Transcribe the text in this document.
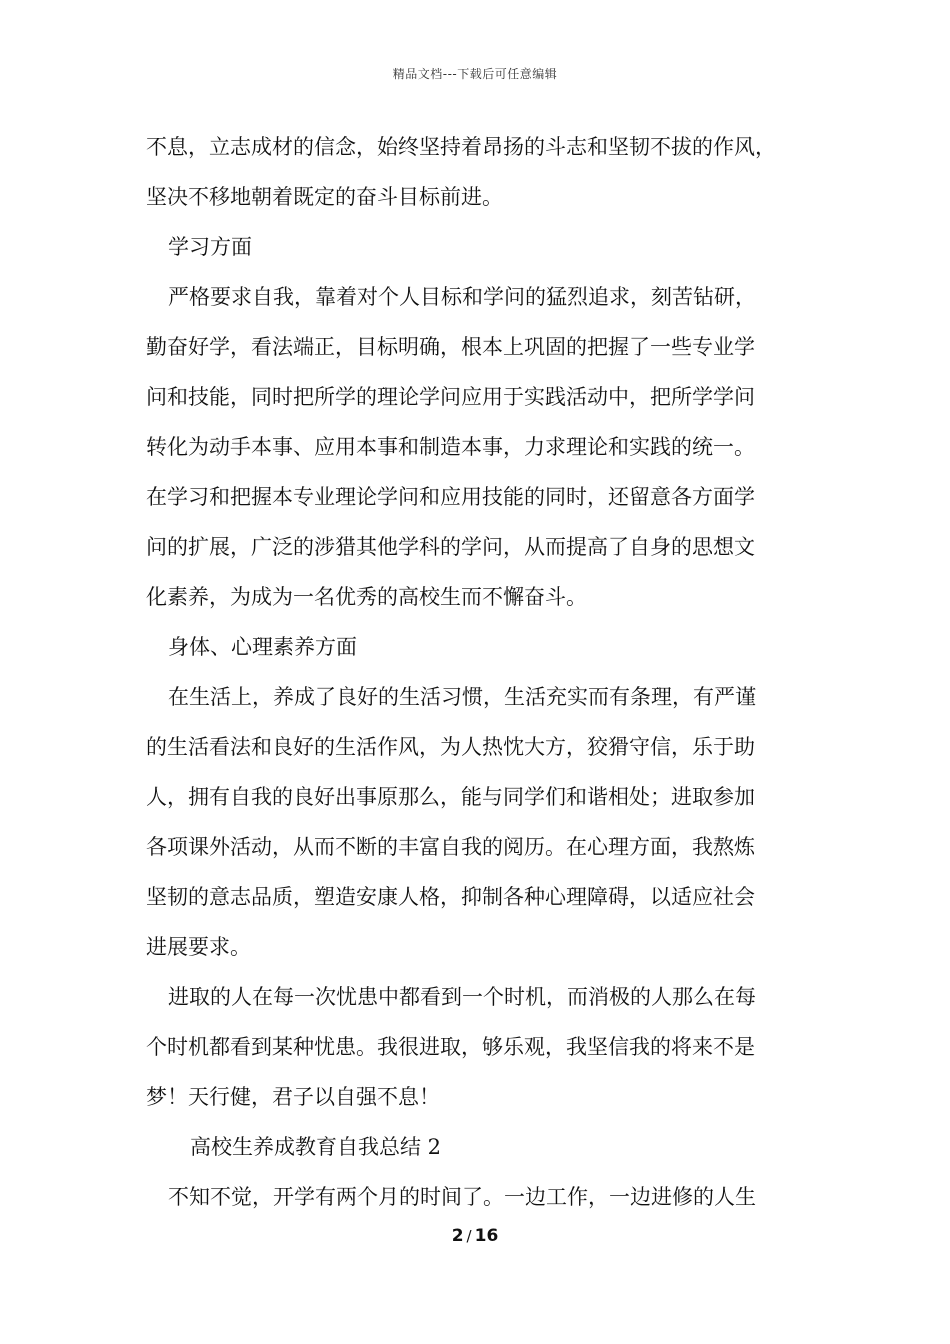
精品文档---下载后可任意编辑
不息，立志成材的信念，始终坚持着昂扬的斗志和坚韧不拔的作风，
坚决不移地朝着既定的奋斗目标前进。
学习方面
严格要求自我，靠着对个人目标和学问的猛烈追求，刻苦钻研，
勤奋好学，看法端正，目标明确，根本上巩固的把握了一些专业学
问和技能，同时把所学的理论学问应用于实践活动中，把所学学问
转化为动手本事、应用本事和制造本事，力求理论和实践的统一。
在学习和把握本专业理论学问和应用技能的同时，还留意各方面学
问的扩展，广泛的涉猎其他学科的学问，从而提高了自身的思想文
化素养，为成为一名优秀的高校生而不懈奋斗。
身体、心理素养方面
在生活上，养成了良好的生活习惯，生活充实而有条理，有严谨
的生活看法和良好的生活作风，为人热忱大方，狡猾守信，乐于助
人，拥有自我的良好出事原那么，能与同学们和谐相处；进取参加
各项课外活动，从而不断的丰富自我的阅历。在心理方面，我熬炼
坚韧的意志品质，塑造安康人格，抑制各种心理障碍，以适应社会
进展要求。
进取的人在每一次忧患中都看到一个时机，而消极的人那么在每
个时机都看到某种忧患。我很进取，够乐观，我坚信我的将来不是
梦！天行健，君子以自强不息！
高校生养成教育自我总结 2
不知不觉，开学有两个月的时间了。一边工作，一边进修的人生
2 / 16
